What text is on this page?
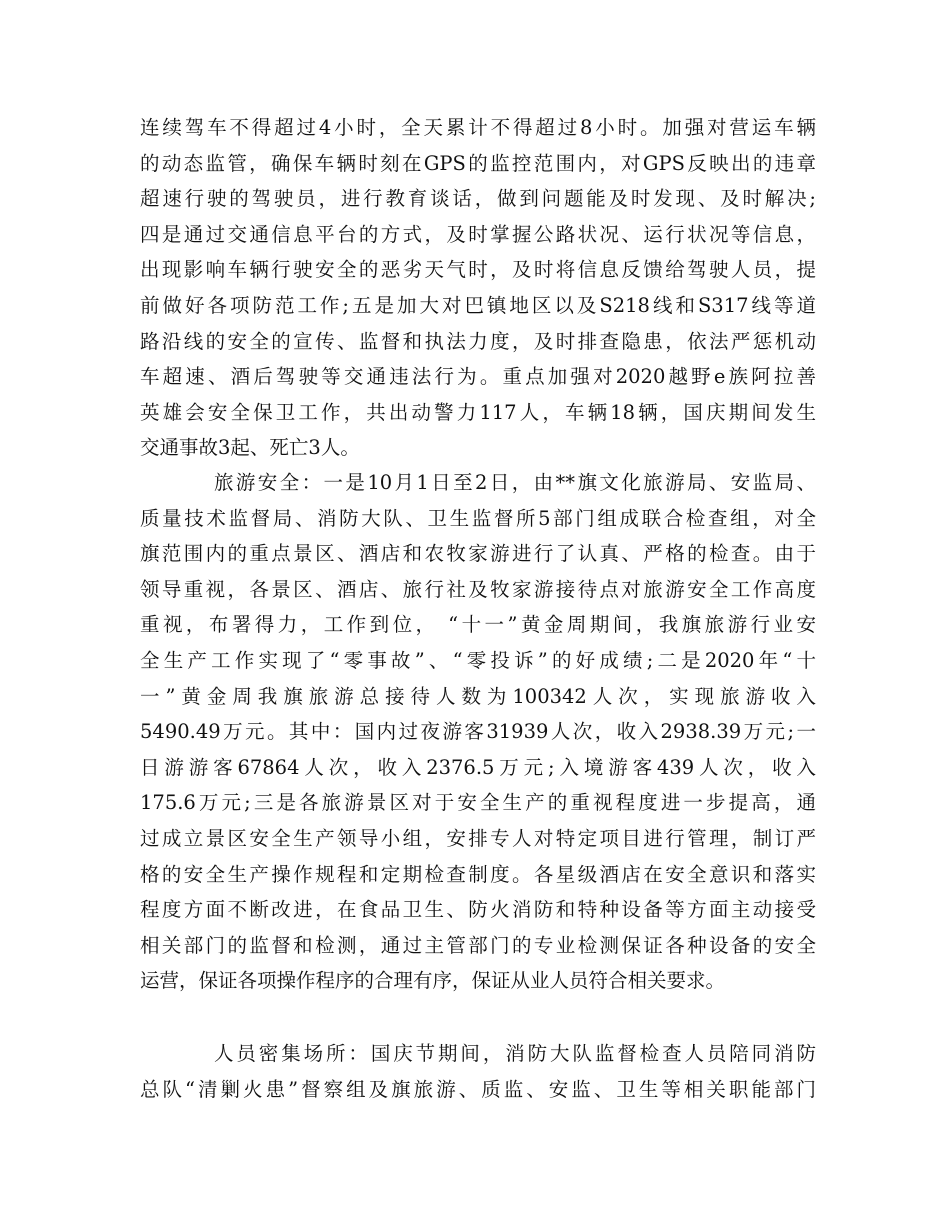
连续驾车不得超过4小时，全天累计不得超过8小时。加强对营运车辆
的动态监管，确保车辆时刻在GPS的监控范围内，对GPS反映出的违章
超速行驶的驾驶员，进行教育谈话，做到问题能及时发现、及时解决;
四是通过交通信息平台的方式，及时掌握公路状况、运行状况等信息，
出现影响车辆行驶安全的恶劣天气时，及时将信息反馈给驾驶人员，提
前做好各项防范工作;五是加大对巴镇地区以及S218线和S317线等道
路沿线的安全的宣传、监督和执法力度，及时排查隐患，依法严惩机动
车超速、酒后驾驶等交通违法行为。重点加强对2020越野e族阿拉善
英雄会安全保卫工作，共出动警力117人，车辆18辆，国庆期间发生
交通事故3起、死亡3人。
旅游安全：一是10月1日至2日，由**旗文化旅游局、安监局、
质量技术监督局、消防大队、卫生监督所5部门组成联合检查组，对全
旗范围内的重点景区、酒店和农牧家游进行了认真、严格的检查。由于
领导重视，各景区、酒店、旅行社及牧家游接待点对旅游安全工作高度
重视，布署得力，工作到位， “十一”黄金周期间，我旗旅游行业安
全生产工作实现了“零事故”、“零投诉”的好成绩;二是2020年“十
一”黄金周我旗旅游总接待人数为100342人次，实现旅游收入
5490.49万元。其中：国内过夜游客31939人次，收入2938.39万元;一
日游游客67864人次，收入2376.5万元;入境游客439人次，收入
175.6万元;三是各旅游景区对于安全生产的重视程度进一步提高，通
过成立景区安全生产领导小组，安排专人对特定项目进行管理，制订严
格的安全生产操作规程和定期检查制度。各星级酒店在安全意识和落实
程度方面不断改进，在食品卫生、防火消防和特种设备等方面主动接受
相关部门的监督和检测，通过主管部门的专业检测保证各种设备的安全
运营，保证各项操作程序的合理有序，保证从业人员符合相关要求。
人员密集场所：国庆节期间，消防大队监督检查人员陪同消防
总队“清剿火患”督察组及旗旅游、质监、安监、卫生等相关职能部门
